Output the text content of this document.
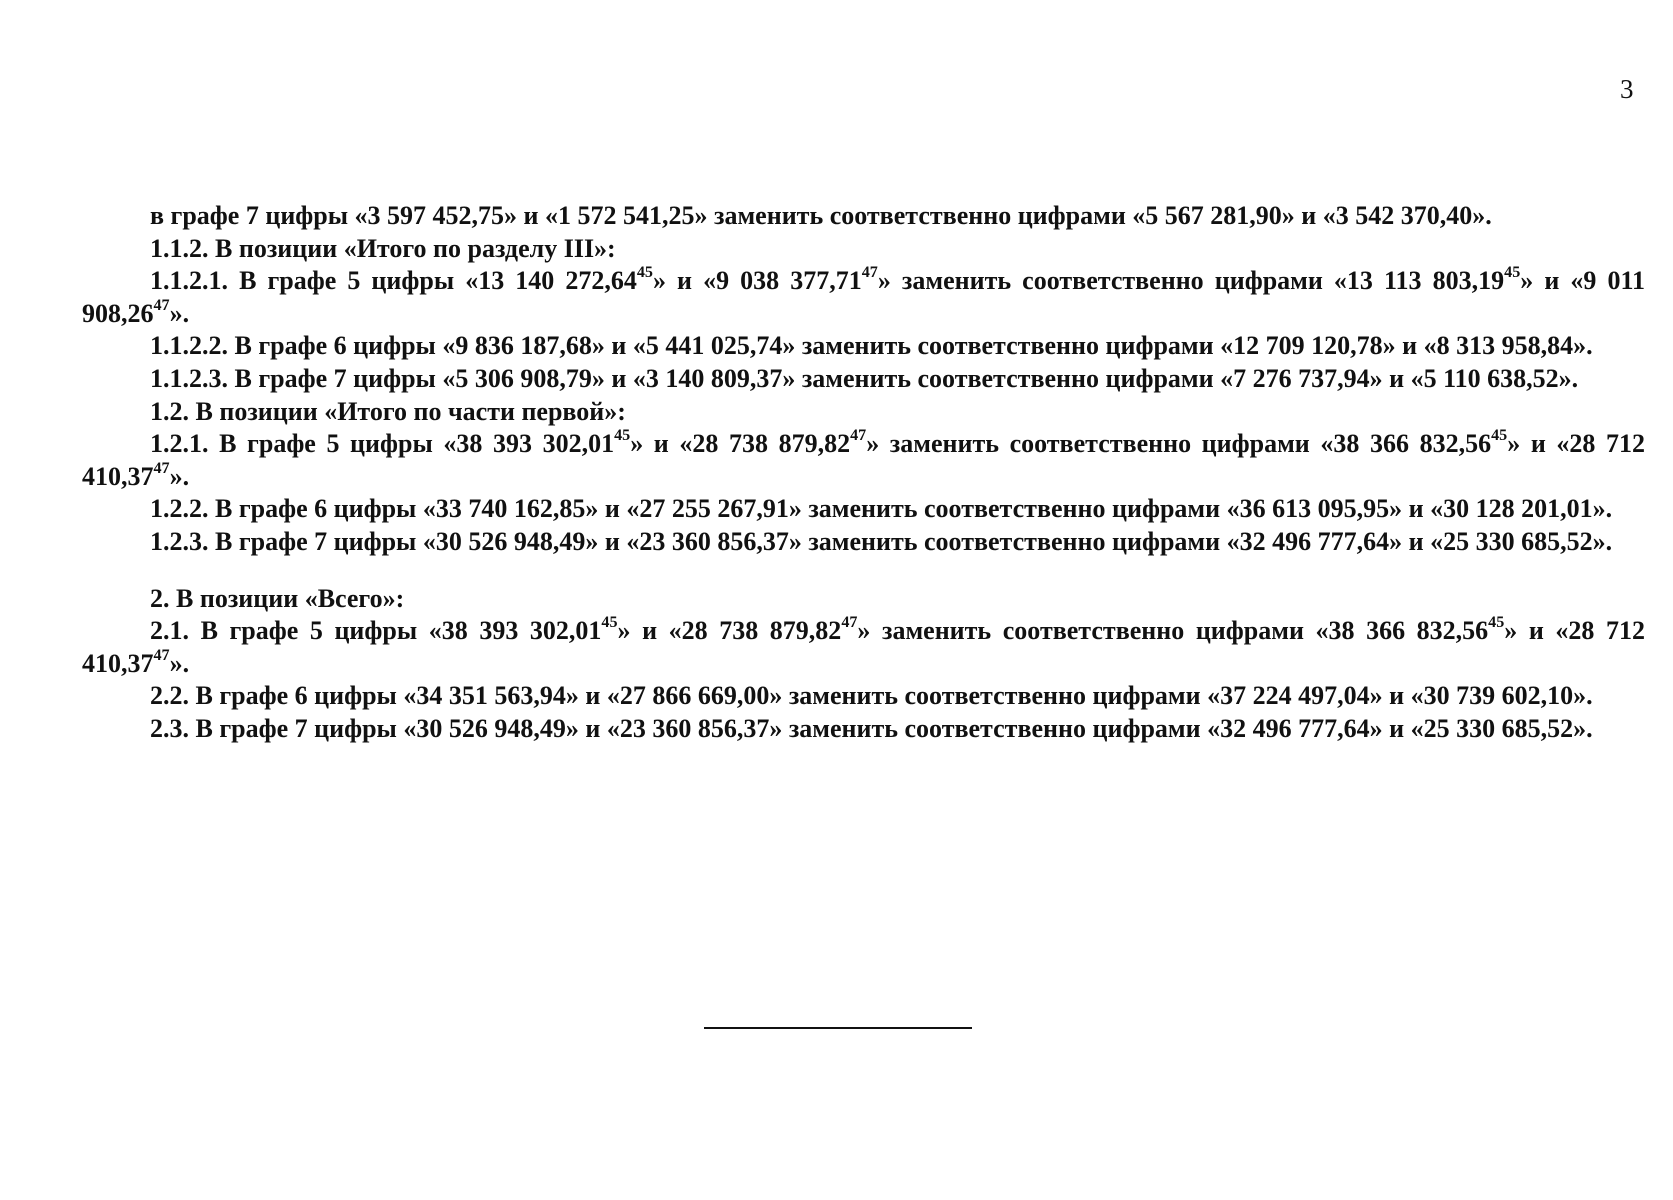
3

в графе 7 цифры «3 597 452,75» и «1 572 541,25» заменить соответственно цифрами «5 567 281,90» и «3 542 370,40».

1.1.2. В позиции «Итого по разделу III»:

1.1.2.1. В графе 5 цифры «13 140 272,64$^{45}$» и «9 038 377,71$^{47}$» заменить соответственно цифрами «13 113 803,19$^{45}$» и «9 011 908,26$^{47}$».

1.1.2.2. В графе 6 цифры «9 836 187,68» и «5 441 025,74» заменить соответственно цифрами «12 709 120,78» и «8 313 958,84».

1.1.2.3. В графе 7 цифры «5 306 908,79» и «3 140 809,37» заменить соответственно цифрами «7 276 737,94» и «5 110 638,52».

1.2. В позиции «Итого по части первой»:

1.2.1. В графе 5 цифры «38 393 302,01$^{45}$» и «28 738 879,82$^{47}$» заменить соответственно цифрами «38 366 832,56$^{45}$» и «28 712 410,37$^{47}$».

1.2.2. В графе 6 цифры «33 740 162,85» и «27 255 267,91» заменить соответственно цифрами «36 613 095,95» и «30 128 201,01».

1.2.3. В графе 7 цифры «30 526 948,49» и «23 360 856,37» заменить соответственно цифрами «32 496 777,64» и «25 330 685,52».

2. В позиции «Всего»:

2.1. В графе 5 цифры «38 393 302,01$^{45}$» и «28 738 879,82$^{47}$» заменить соответственно цифрами «38 366 832,56$^{45}$» и «28 712 410,37$^{47}$».

2.2. В графе 6 цифры «34 351 563,94» и «27 866 669,00» заменить соответственно цифрами «37 224 497,04» и «30 739 602,10».

2.3. В графе 7 цифры «30 526 948,49» и «23 360 856,37» заменить соответственно цифрами «32 496 777,64» и «25 330 685,52».
